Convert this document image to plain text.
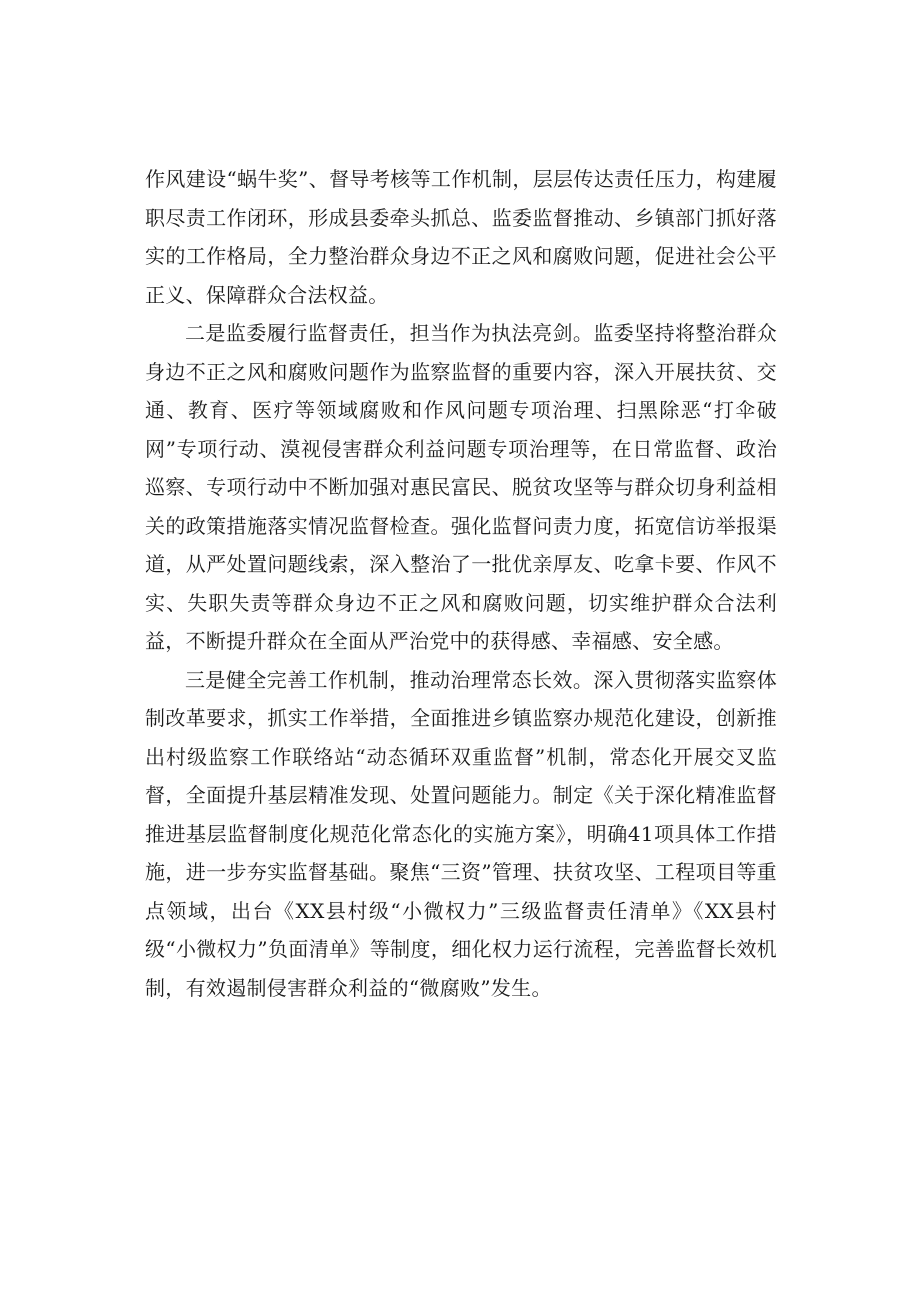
作风建设“蜗牛奖”、督导考核等工作机制，层层传达责任压力，构建履职尽责工作闭环，形成县委牵头抓总、监委监督推动、乡镇部门抓好落实的工作格局，全力整治群众身边不正之风和腐败问题，促进社会公平正义、保障群众合法权益。

二是监委履行监督责任，担当作为执法亮剑。监委坚持将整治群众身边不正之风和腐败问题作为监察监督的重要内容，深入开展扶贫、交通、教育、医疗等领域腐败和作风问题专项治理、扫黑除恶“打伞破网”专项行动、漠视侵害群众利益问题专项治理等，在日常监督、政治巡察、专项行动中不断加强对惠民富民、脱贫攻坚等与群众切身利益相关的政策措施落实情况监督检查。强化监督问责力度，拓宽信访举报渠道，从严处置问题线索，深入整治了一批优亲厚友、吃拿卡要、作风不实、失职失责等群众身边不正之风和腐败问题，切实维护群众合法利益，不断提升群众在全面从严治党中的获得感、幸福感、安全感。

三是健全完善工作机制，推动治理常态长效。深入贯彻落实监察体制改革要求，抓实工作举措，全面推进乡镇监察办规范化建设，创新推出村级监察工作联络站“动态循环双重监督”机制，常态化开展交叉监督，全面提升基层精准发现、处置问题能力。制定《关于深化精准监督推进基层监督制度化规范化常态化的实施方案》，明确41项具体工作措施，进一步夯实监督基础。聚焦“三资”管理、扶贫攻坚、工程项目等重点领域，出台《XX县村级“小微权力”三级监督责任清单》《XX县村级“小微权力”负面清单》等制度，细化权力运行流程，完善监督长效机制，有效遏制侵害群众利益的“微腐败”发生。
